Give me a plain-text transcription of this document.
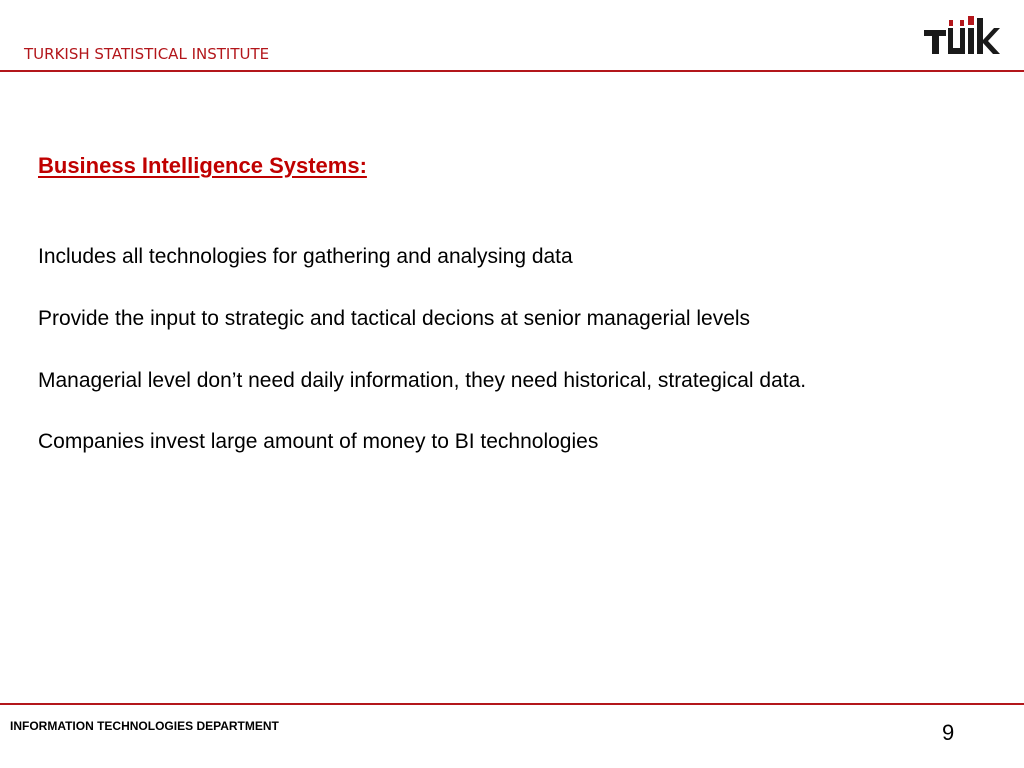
TURKISH STATISTICAL INSTITUTE
Business Intelligence Systems:
Includes all technologies for gathering and analysing data
Provide the input to strategic and tactical decions at senior managerial levels
Managerial level don’t need daily information, they need historical, strategical data.
Companies invest large amount of money to BI technologies
INFORMATION TECHNOLOGIES DEPARTMENT	9
